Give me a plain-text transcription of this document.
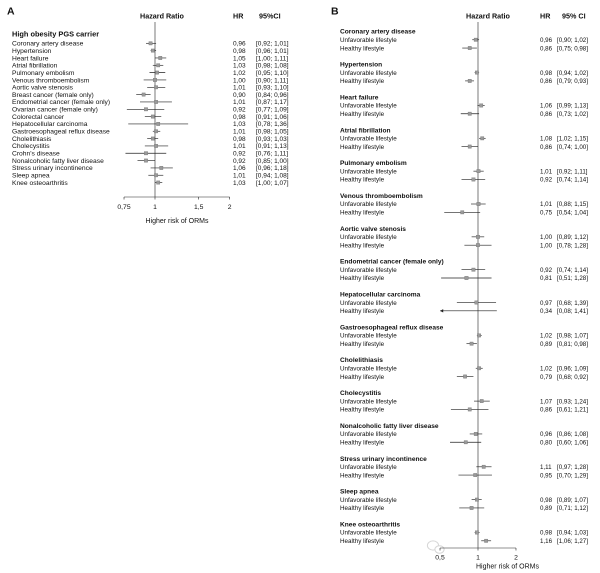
A	Hazard Ratio	HR 95%CI
0,75	1	1,5	2
Higher risk of ORMs
High obesity PGS carrier
Coronary artery disease	0,96 [0,92; 1,01]
Hypertension	0,98 [0,96; 1,01]
Heart failure	1,05 [1,00; 1,11]
Atrial fibrillation	1,03 [0,98; 1,08]
Pulmonary embolism	1,02 [0,95; 1,10]
Venous thromboembolism	1,00 [0,90; 1,11]
Aortic valve stenosis	1,01 [0,93; 1,10]
Breast cancer (female only)	0,90 [0,84; 0,96]
Endometrial cancer (female only)	1,01 [0,87; 1,17]
Ovarian cancer (female only)	0,92 [0,77; 1,09]
Colorectal cancer	0,98 [0,91; 1,06]
Hepatocellular carcinoma	1,03 [0,78; 1,36]
Gastroesophageal reflux disease	1,01 [0,98; 1,05]
Cholelithiasis	0,98 [0,93; 1,03]
Cholecystitis	1,01 [0,91; 1,13]
Crohn's disease	0,92 [0,76; 1,11]
Nonalcoholic fatty liver disease	0,92 [0,85; 1,00]
Stress urinary incontinence	1,06 [0,96; 1,18]
Sleep apnea	1,01 [0,94; 1,08]
Knee osteoarthritis	1,03 [1,00; 1,07]
B	Hazard Ratio	HR 95% CI
0,5	1	2
Higher risk of ORMs
Coronary artery disease
Unfavorable lifestyle	0,96 [0,90; 1,02]
Healthy lifestyle	0,86 [0,75; 0,98]
Hypertension
Unfavorable lifestyle	0,98 [0,94; 1,02]
Healthy lifestyle	0,86 [0,79; 0,93]
Heart failure
Unfavorable lifestyle	1,06 [0,99; 1,13]
Healthy lifestyle	0,86 [0,73; 1,02]
Atrial fibrillation
Unfavorable lifestyle	1,08 [1,02; 1,15]
Healthy lifestyle	0,86 [0,74; 1,00]
Pulmonary embolism
Unfavorable lifestyle	1,01 [0,92; 1,11]
Healthy lifestyle	0,92 [0,74; 1,14]
Venous thromboembolism
Unfavorable lifestyle	1,01 [0,88; 1,15]
Healthy lifestyle	0,75 [0,54; 1,04]
Aortic valve stenosis
Unfavorable lifestyle	1,00 [0,89; 1,12]
Healthy lifestyle	1,00 [0,78; 1,28]
Endometrial cancer (female only)
Unfavorable lifestyle	0,92 [0,74; 1,14]
Healthy lifestyle	0,81 [0,51; 1,28]
Hepatocellular carcinoma
Unfavorable lifestyle	0,97 [0,68; 1,39]
Healthy lifestyle	0,34 [0,08; 1,41]
Gastroesophageal reflux disease
Unfavorable lifestyle	1,02 [0,98; 1,07]
Healthy lifestyle	0,89 [0,81; 0,98]
Cholelithiasis
Unfavorable lifestyle	1,02 [0,96; 1,09]
Healthy lifestyle	0,79 [0,68; 0,92]
Cholecystitis
Unfavorable lifestyle	1,07 [0,93; 1,24]
Healthy lifestyle	0,86 [0,61; 1,21]
Nonalcoholic fatty liver disease
Unfavorable lifestyle	0,96 [0,86; 1,08]
Healthy lifestyle	0,80 [0,60; 1,06]
Stress urinary incontinence
Unfavorable lifestyle	1,11 [0,97; 1,28]
Healthy lifestyle	0,95 [0,70; 1,29]
Sleep apnea
Unfavorable lifestyle	0,98 [0,89; 1,07]
Healthy lifestyle	0,89 [0,71; 1,12]
Knee osteoarthritis
Unfavorable lifestyle	0,98 [0,94; 1,03]
Healthy lifestyle	1,16 [1,06; 1,27]
